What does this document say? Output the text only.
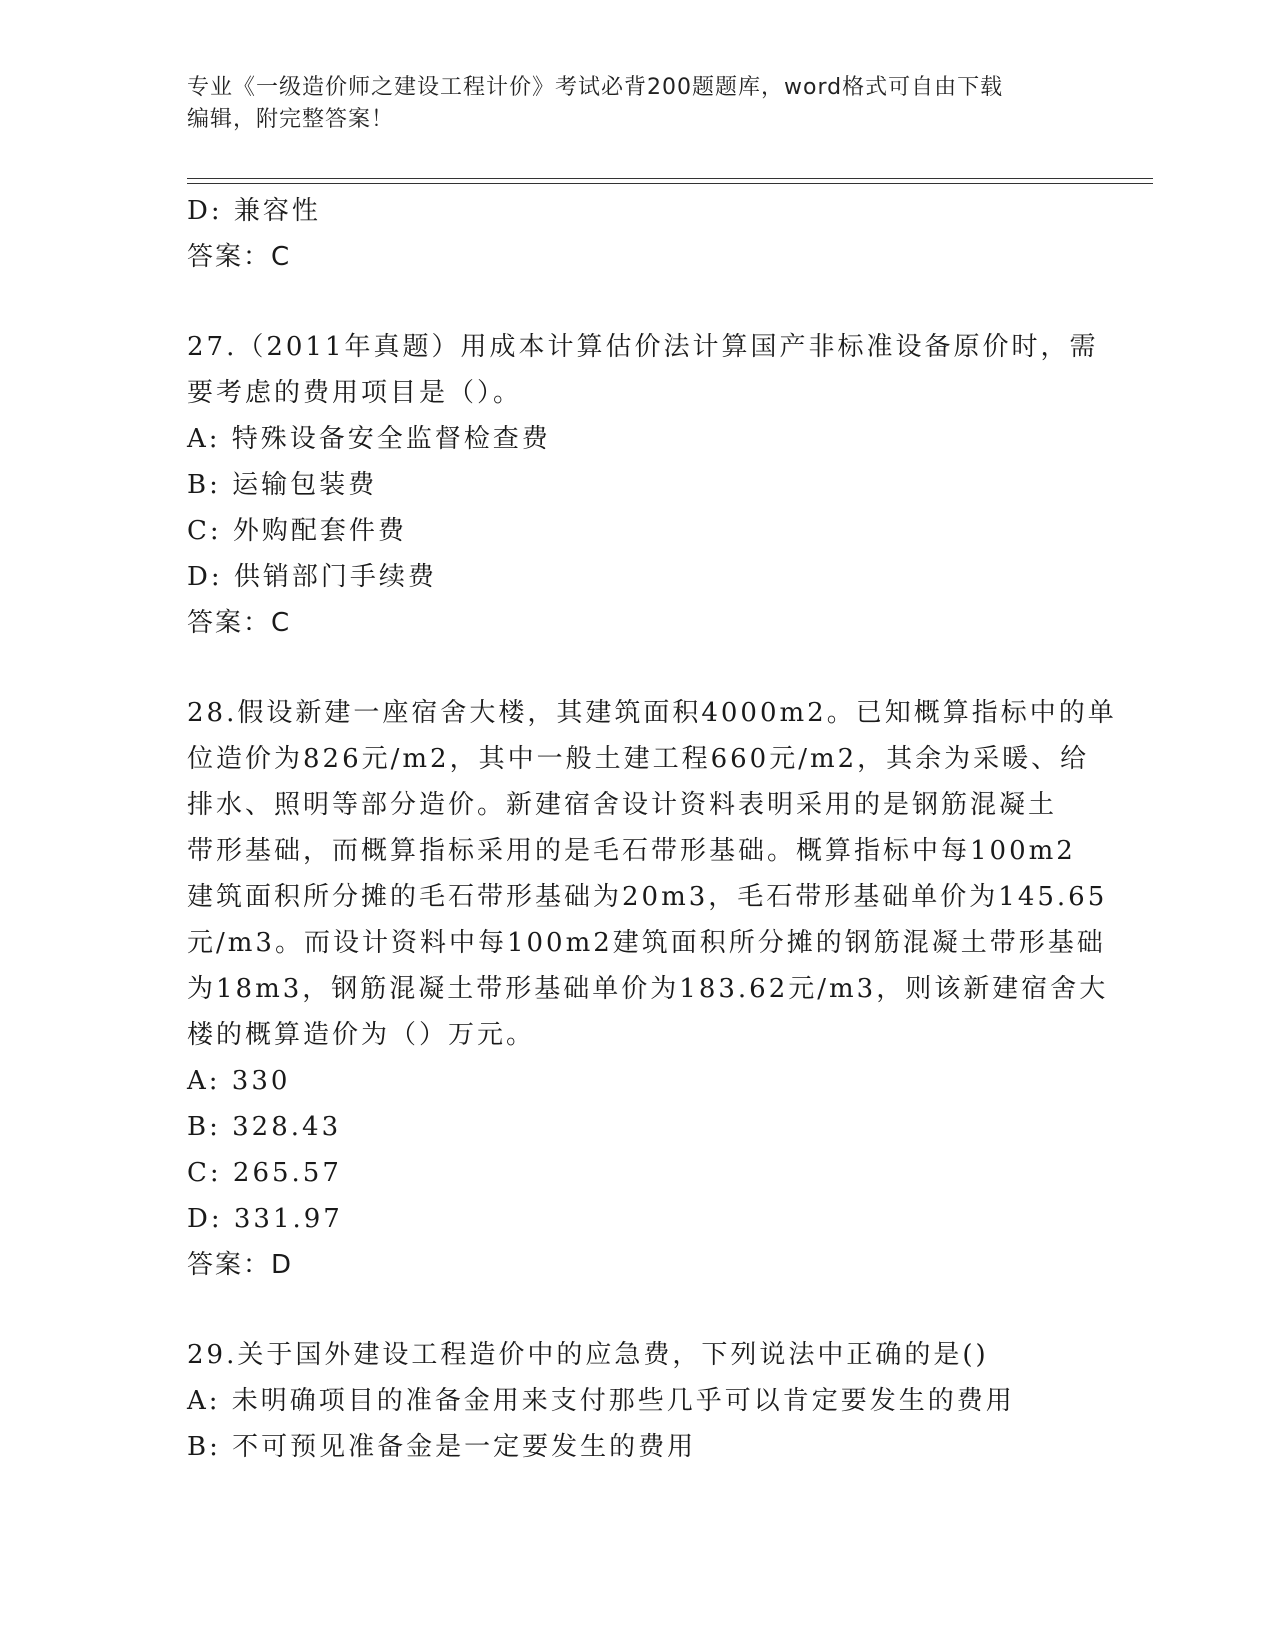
专业《一级造价师之建设工程计价》考试必背200题题库，word格式可自由下载
编辑，附完整答案！
D: 兼容性
答案：C
27.（2011年真题）用成本计算估价法计算国产非标准设备原价时，需
要考虑的费用项目是（）。
A: 特殊设备安全监督检查费
B: 运输包装费
C: 外购配套件费
D: 供销部门手续费
答案：C
28.假设新建一座宿舍大楼，其建筑面积4000m2。已知概算指标中的单
位造价为826元/m2，其中一般土建工程660元/m2，其余为采暖、给
排水、照明等部分造价。新建宿舍设计资料表明采用的是钢筋混凝土
带形基础，而概算指标采用的是毛石带形基础。概算指标中每100m2
建筑面积所分摊的毛石带形基础为20m3，毛石带形基础单价为145.65
元/m3。而设计资料中每100m2建筑面积所分摊的钢筋混凝土带形基础
为18m3，钢筋混凝土带形基础单价为183.62元/m3，则该新建宿舍大
楼的概算造价为（）万元。
A: 330
B: 328.43
C: 265.57
D: 331.97
答案：D
29.关于国外建设工程造价中的应急费，下列说法中正确的是()
A: 未明确项目的准备金用来支付那些几乎可以肯定要发生的费用
B: 不可预见准备金是一定要发生的费用
